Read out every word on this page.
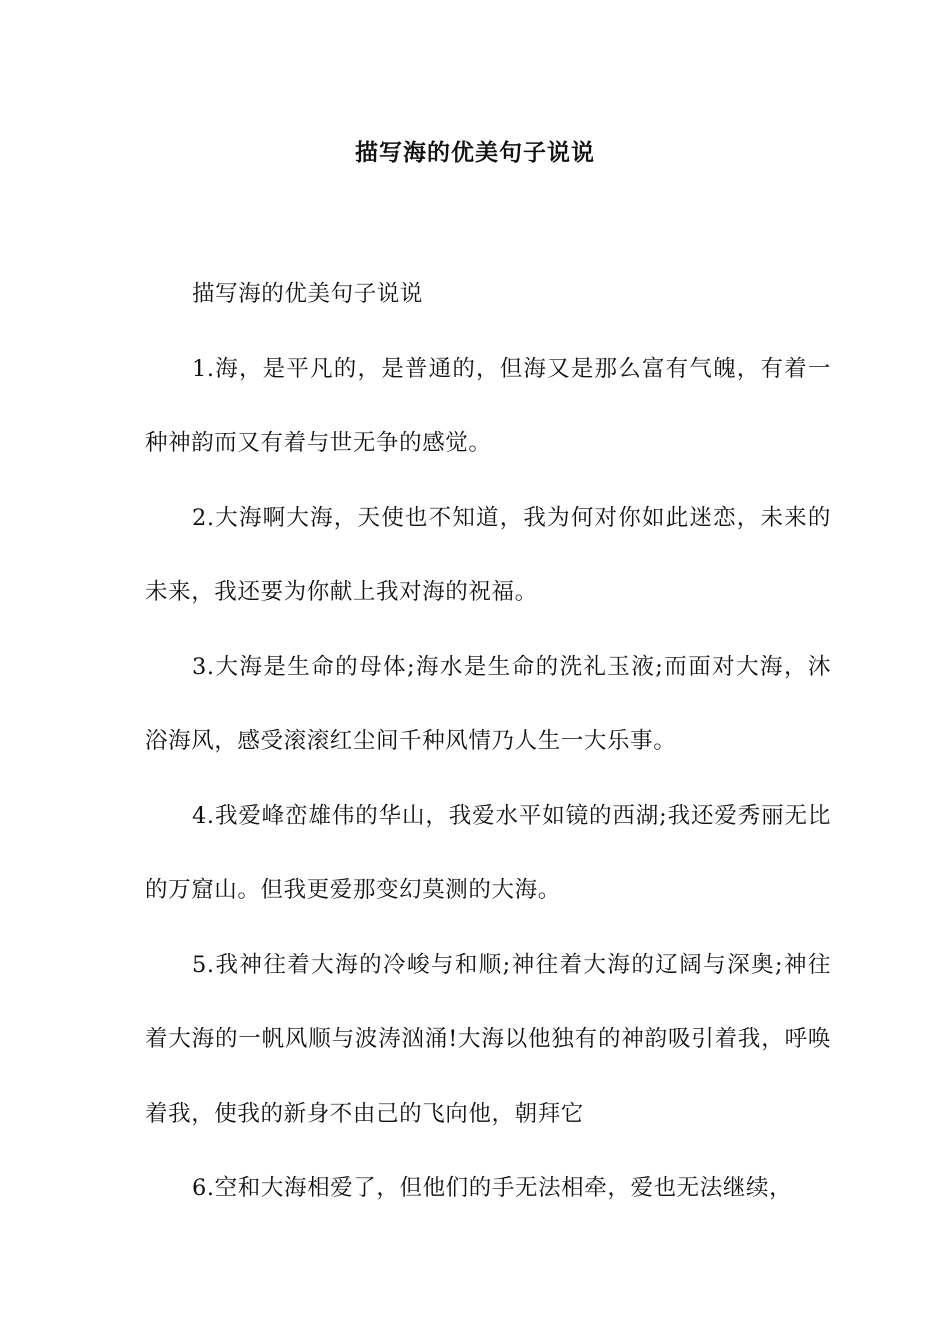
描写海的优美句子说说

描写海的优美句子说说

1.海，是平凡的，是普通的，但海又是那么富有气魄，有着一种神韵而又有着与世无争的感觉。

2.大海啊大海，天使也不知道，我为何对你如此迷恋，未来的未来，我还要为你献上我对海的祝福。

3.大海是生命的母体;海水是生命的洗礼玉液;而面对大海，沐浴海风，感受滚滚红尘间千种风情乃人生一大乐事。

4.我爱峰峦雄伟的华山，我爱水平如镜的西湖;我还爱秀丽无比的万窟山。但我更爱那变幻莫测的大海。

5.我神往着大海的冷峻与和顺;神往着大海的辽阔与深奥;神往着大海的一帆风顺与波涛汹涌!大海以他独有的神韵吸引着我，呼唤着我，使我的新身不由己的飞向他，朝拜它

6.空和大海相爱了，但他们的手无法相牵，爱也无法继续，
